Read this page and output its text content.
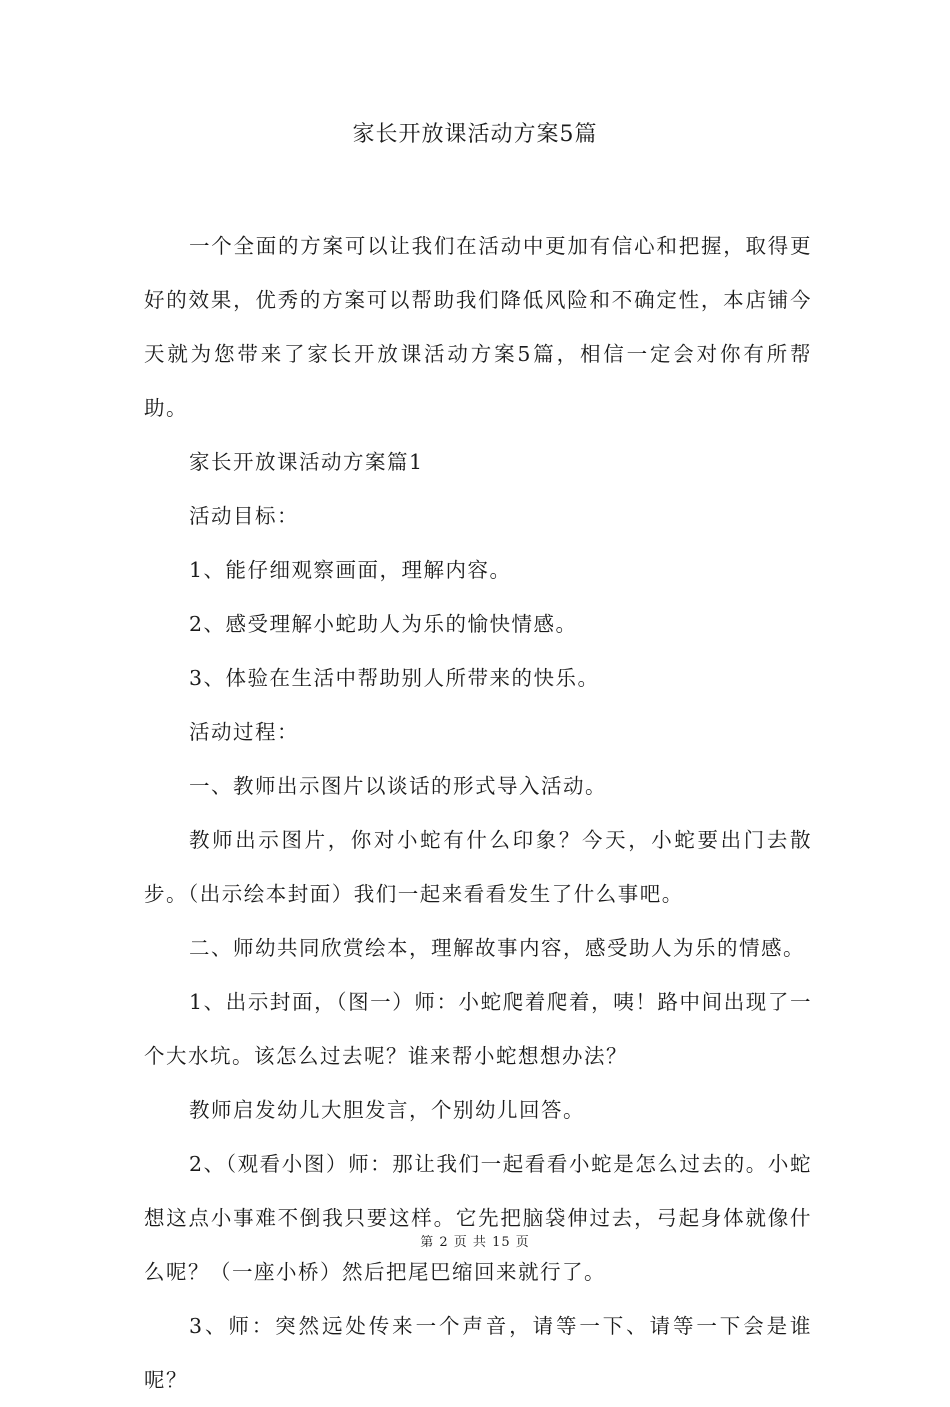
家长开放课活动方案5篇

一个全面的方案可以让我们在活动中更加有信心和把握，取得更好的效果，优秀的方案可以帮助我们降低风险和不确定性，本店铺今天就为您带来了家长开放课活动方案5篇，相信一定会对你有所帮助。

家长开放课活动方案篇1

活动目标：

1、能仔细观察画面，理解内容。

2、感受理解小蛇助人为乐的愉快情感。

3、体验在生活中帮助别人所带来的快乐。

活动过程：

一、教师出示图片以谈话的形式导入活动。

教师出示图片，你对小蛇有什么印象？今天，小蛇要出门去散步。（出示绘本封面）我们一起来看看发生了什么事吧。

二、师幼共同欣赏绘本，理解故事内容，感受助人为乐的情感。

1、出示封面，（图一）师：小蛇爬着爬着，咦！路中间出现了一个大水坑。该怎么过去呢？谁来帮小蛇想想办法？

教师启发幼儿大胆发言，个别幼儿回答。

2、（观看小图）师：那让我们一起看看小蛇是怎么过去的。小蛇想这点小事难不倒我只要这样。它先把脑袋伸过去，弓起身体就像什么呢？（一座小桥）然后把尾巴缩回来就行了。

3、师：突然远处传来一个声音，请等一下、请等一下会是谁呢？

第 2 页 共 15 页
